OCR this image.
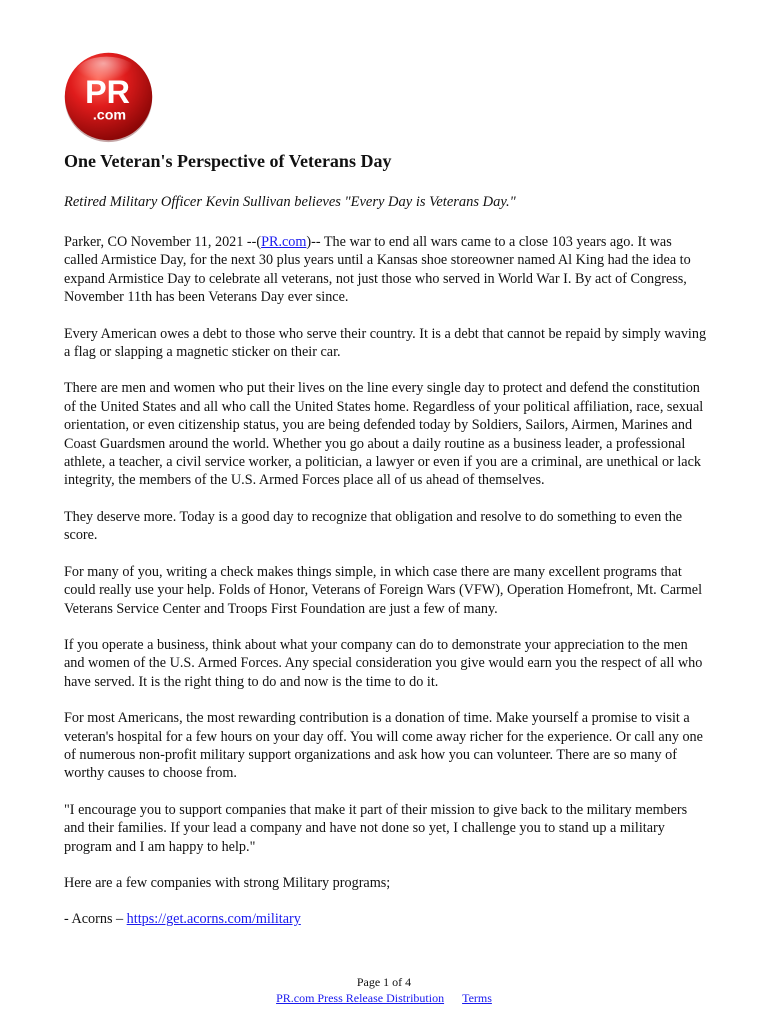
PR
.com
One Veteran's Perspective of Veterans Day

Retired Military Officer Kevin Sullivan believes "Every Day is Veterans Day."

Parker, CO November 11, 2021 --(PR.com)-- The war to end all wars came to a close 103 years ago. It was called Armistice Day, for the next 30 plus years until a Kansas shoe storeowner named Al King had the idea to expand Armistice Day to celebrate all veterans, not just those who served in World War I. By act of Congress, November 11th has been Veterans Day ever since.

Every American owes a debt to those who serve their country. It is a debt that cannot be repaid by simply waving a flag or slapping a magnetic sticker on their car.

There are men and women who put their lives on the line every single day to protect and defend the constitution of the United States and all who call the United States home. Regardless of your political affiliation, race, sexual orientation, or even citizenship status, you are being defended today by Soldiers, Sailors, Airmen, Marines and Coast Guardsmen around the world. Whether you go about a daily routine as a business leader, a professional athlete, a teacher, a civil service worker, a politician, a lawyer or even if you are a criminal, are unethical or lack integrity, the members of the U.S. Armed Forces place all of us ahead of themselves.

They deserve more. Today is a good day to recognize that obligation and resolve to do something to even the score.

For many of you, writing a check makes things simple, in which case there are many excellent programs that could really use your help. Folds of Honor, Veterans of Foreign Wars (VFW), Operation Homefront, Mt. Carmel Veterans Service Center and Troops First Foundation are just a few of many.

If you operate a business, think about what your company can do to demonstrate your appreciation to the men and women of the U.S. Armed Forces. Any special consideration you give would earn you the respect of all who have served. It is the right thing to do and now is the time to do it.

For most Americans, the most rewarding contribution is a donation of time. Make yourself a promise to visit a veteran's hospital for a few hours on your day off. You will come away richer for the experience. Or call any one of numerous non-profit military support organizations and ask how you can volunteer. There are so many of worthy causes to choose from.

"I encourage you to support companies that make it part of their mission to give back to the military members and their families. If your lead a company and have not done so yet, I challenge you to stand up a military program and I am happy to help."

Here are a few companies with strong Military programs;

- Acorns – https://get.acorns.com/military

Page 1 of 4
PR.com Press Release Distribution Terms
